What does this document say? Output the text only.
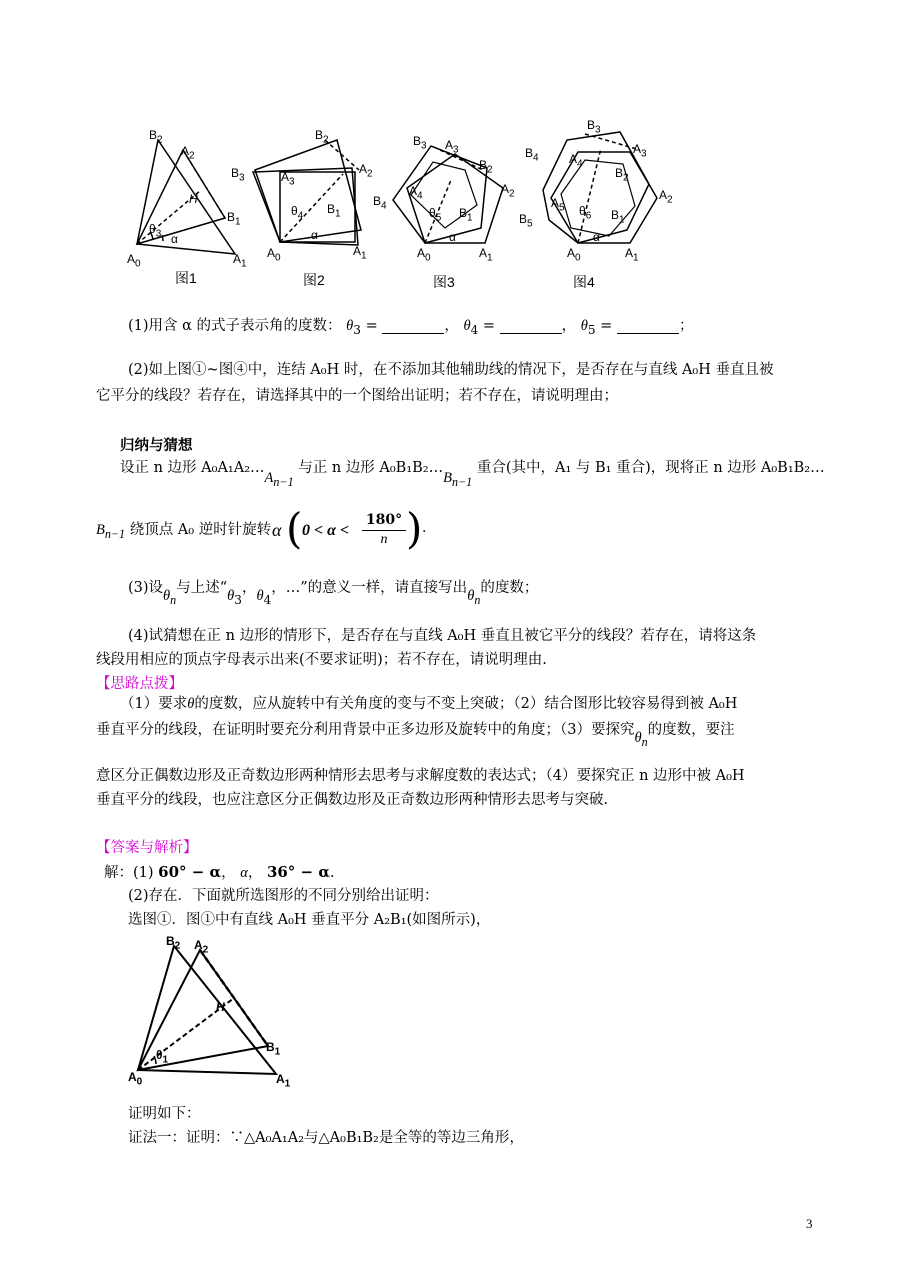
$B_2$
$A_2$
H
$B_1$
$A_0$	$A_1$
$\theta_3$ α
$B_2$
$A_2$
$B_3$	$A_3$
$\theta_4$ $B_1$
α
$A_0$	$A_1$
$B_3$ $A_3$
$B_2$
$A_2$
$B_4$
$A_4$
$\theta_5$ $B_1$
α
$A_0$	$A_1$
$B_3$
$A_3$
$B_4$	$A_4$
$B_2$
$A_2$
$A_5$ $\theta_6$ $B_1$
$B_5$
α
$A_0$	$A_1$
图1	图2	图3	图4
(1)用含 α 的式子表示角的度数： $\theta_3$ =	， $\theta_4$ =	， $\theta_5$ =	；
(2)如上图①~图④中，连结 A₀H 时，在不添加其他辅助线的情况下，是否存在与直线 A₀H 垂直且被
它平分的线段？若存在，请选择其中的一个图给出证明；若不存在，请说明理由；
归纳与猜想
设正 n 边形 $A_0A_1A_2\dots A_{n-1}$ 与正 n 边形 $A_0B_1B_2\dots B_{n-1}$ 重合(其中，A₁ 与 B₁ 重合)，现将正 n 边形 A₀B₁B₂…
$B_{n-1}$ 绕顶点 A₀ 逆时针旋转 α ( 0 < α <
180°
n ) .
(3)设$\theta_n$与上述“$\theta_3$，$\theta_4$，…”的意义一样，请直接写出$\theta_n$的度数；
(4)试猜想在正 n 边形的情形下，是否存在与直线 A₀H 垂直且被它平分的线段？若存在，请将这条
线段用相应的顶点字母表示出来(不要求证明)；若不存在，请说明理由.
【思路点拨】
（1）要求θ的度数，应从旋转中有关角度的变与不变上突破；（2）结合图形比较容易得到被 A₀H
垂直平分的线段，在证明时要充分利用背景中正多边形及旋转中的角度；（3）要探究$\theta_n$的度数，要注
意区分正偶数边形及正奇数边形两种情形去思考与求解度数的表达式；（4）要探究正 n 边形中被 A₀H
垂直平分的线段，也应注意区分正偶数边形及正奇数边形两种情形去思考与突破.
【答案与解析】
解：(1) 60° − α， α， 36° − α.
(2)存在．下面就所选图形的不同分别给出证明：
选图①．图①中有直线 A₀H 垂直平分 A₂B₁(如图所示)，
$B_2$ $A_2$
H
$B_1$
$A_0$	$A_1$
$\theta_1$
证明如下：
证法一：证明：∵△A₀A₁A₂与△A₀B₁B₂是全等的等边三角形，
3
